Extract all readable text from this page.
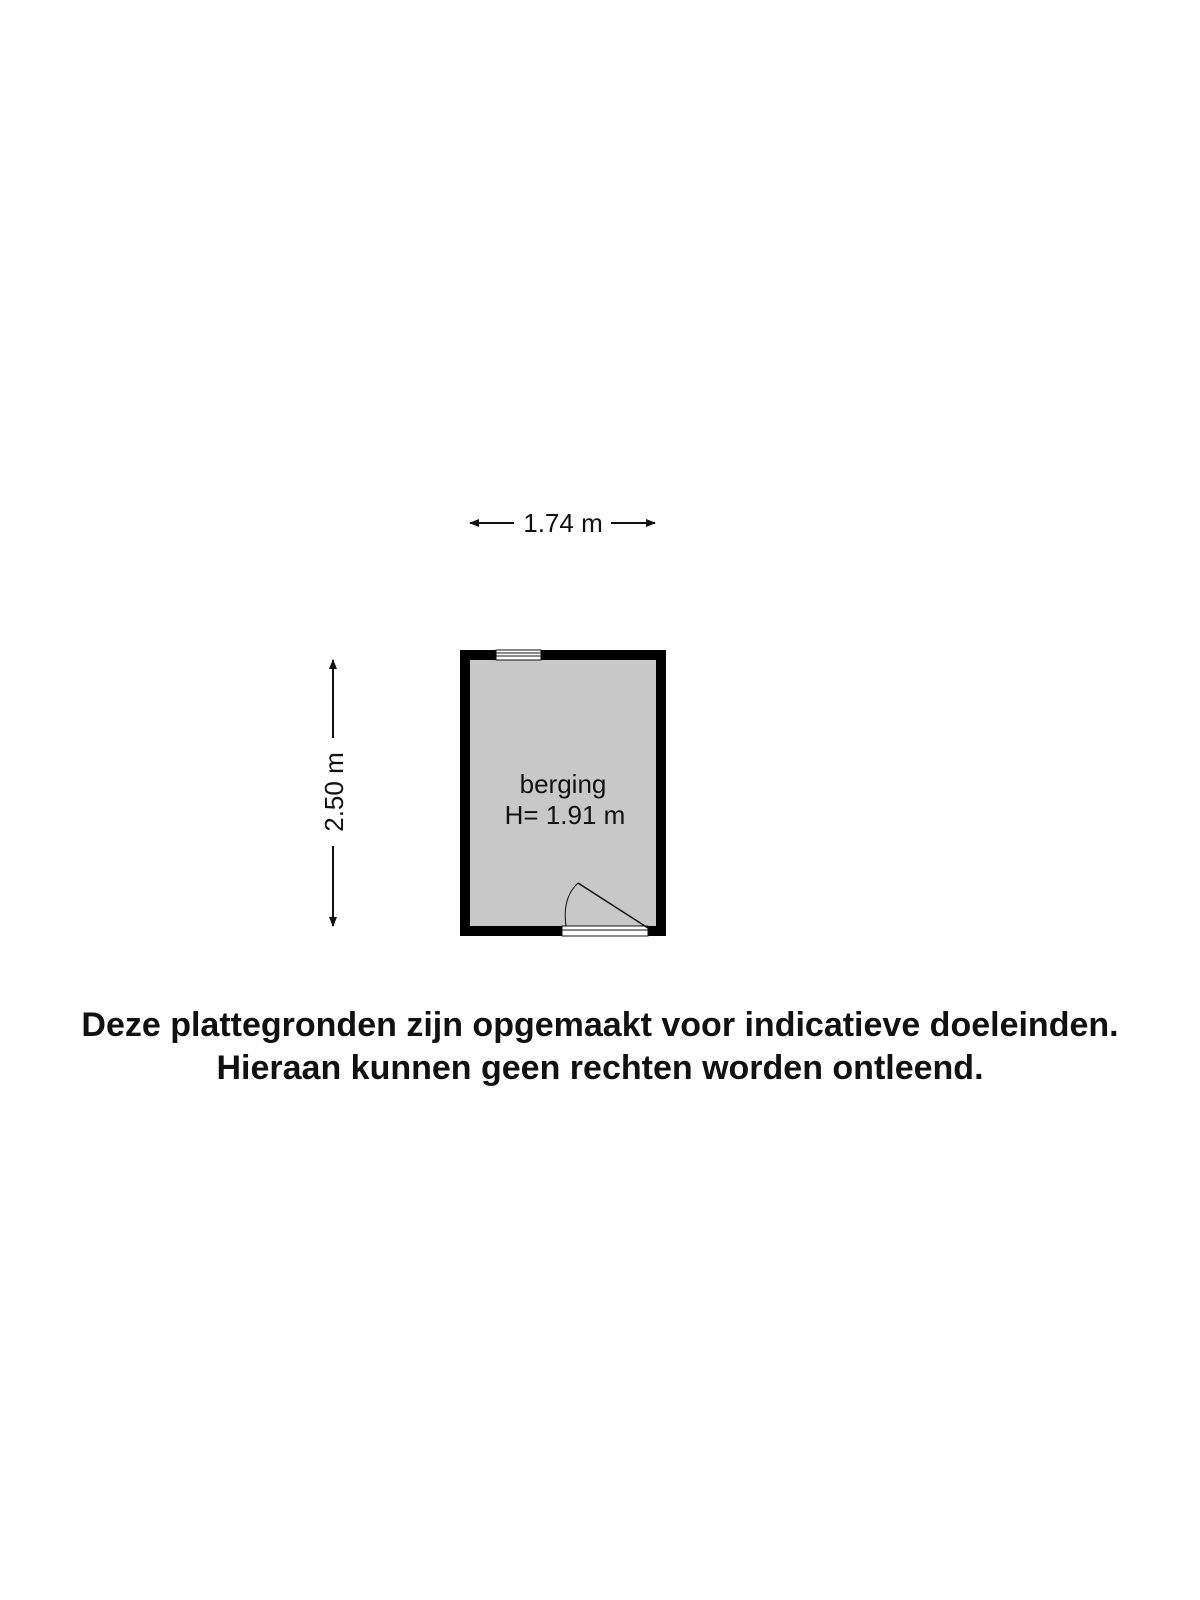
1.74 m
2.50 m	berging
H= 1.91 m
Deze plattegronden zijn opgemaakt voor indicatieve doeleinden.
Hieraan kunnen geen rechten worden ontleend.
